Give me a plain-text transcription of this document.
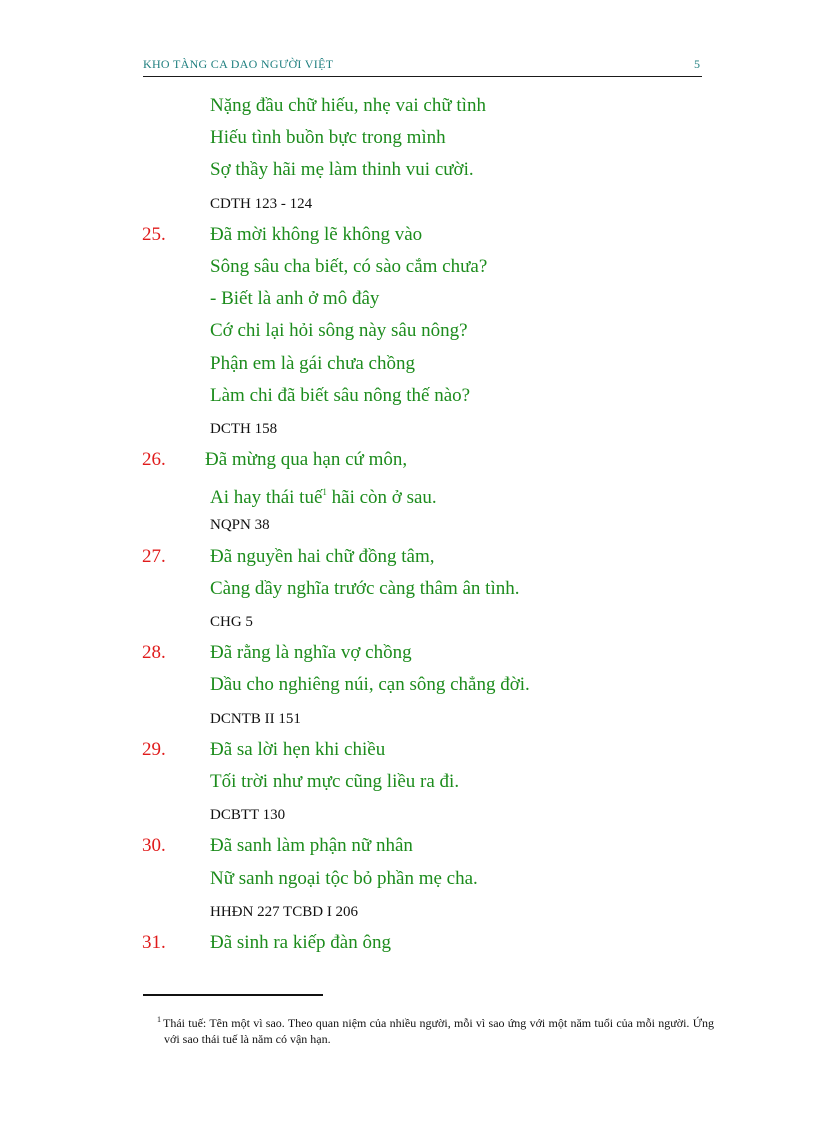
KHO TÀNG CA DAO NGƯỜI VIỆT	5
Nặng đầu chữ hiếu, nhẹ vai chữ tình
Hiếu tình buồn bực trong mình
Sợ thầy hãi mẹ làm thinh vui cười.
CDTH 123 - 124
25. Đã mời không lẽ không vào
Sông sâu cha biết, có sào cắm chưa?
- Biết là anh ở mô đây
Cớ chi lại hỏi sông này sâu nông?
Phận em là gái chưa chồng
Làm chi đã biết sâu nông thế nào?
DCTH 158
26. Đã mừng qua hạn cứ môn,
Ai hay thái tuế$^1$ hãi còn ở sau.
NQPN 38
27. Đã nguyền hai chữ đồng tâm,
Càng dầy nghĩa trước càng thâm ân tình.
CHG 5
28. Đã rằng là nghĩa vợ chồng
Dầu cho nghiêng núi, cạn sông chẳng đời.
DCNTB II 151
29. Đã sa lời hẹn khi chiều
Tối trời như mực cũng liều ra đi.
DCBTT 130
30. Đã sanh làm phận nữ nhân
Nữ sanh ngoại tộc bỏ phần mẹ cha.
HHĐN 227 TCBD I 206
31. Đã sinh ra kiếp đàn ông
$^1$ Thái tuế: Tên một vì sao. Theo quan niệm của nhiều người, mỗi vì sao ứng với một năm tuổi của mỗi người. Ứng với sao thái tuế là năm có vận hạn.
